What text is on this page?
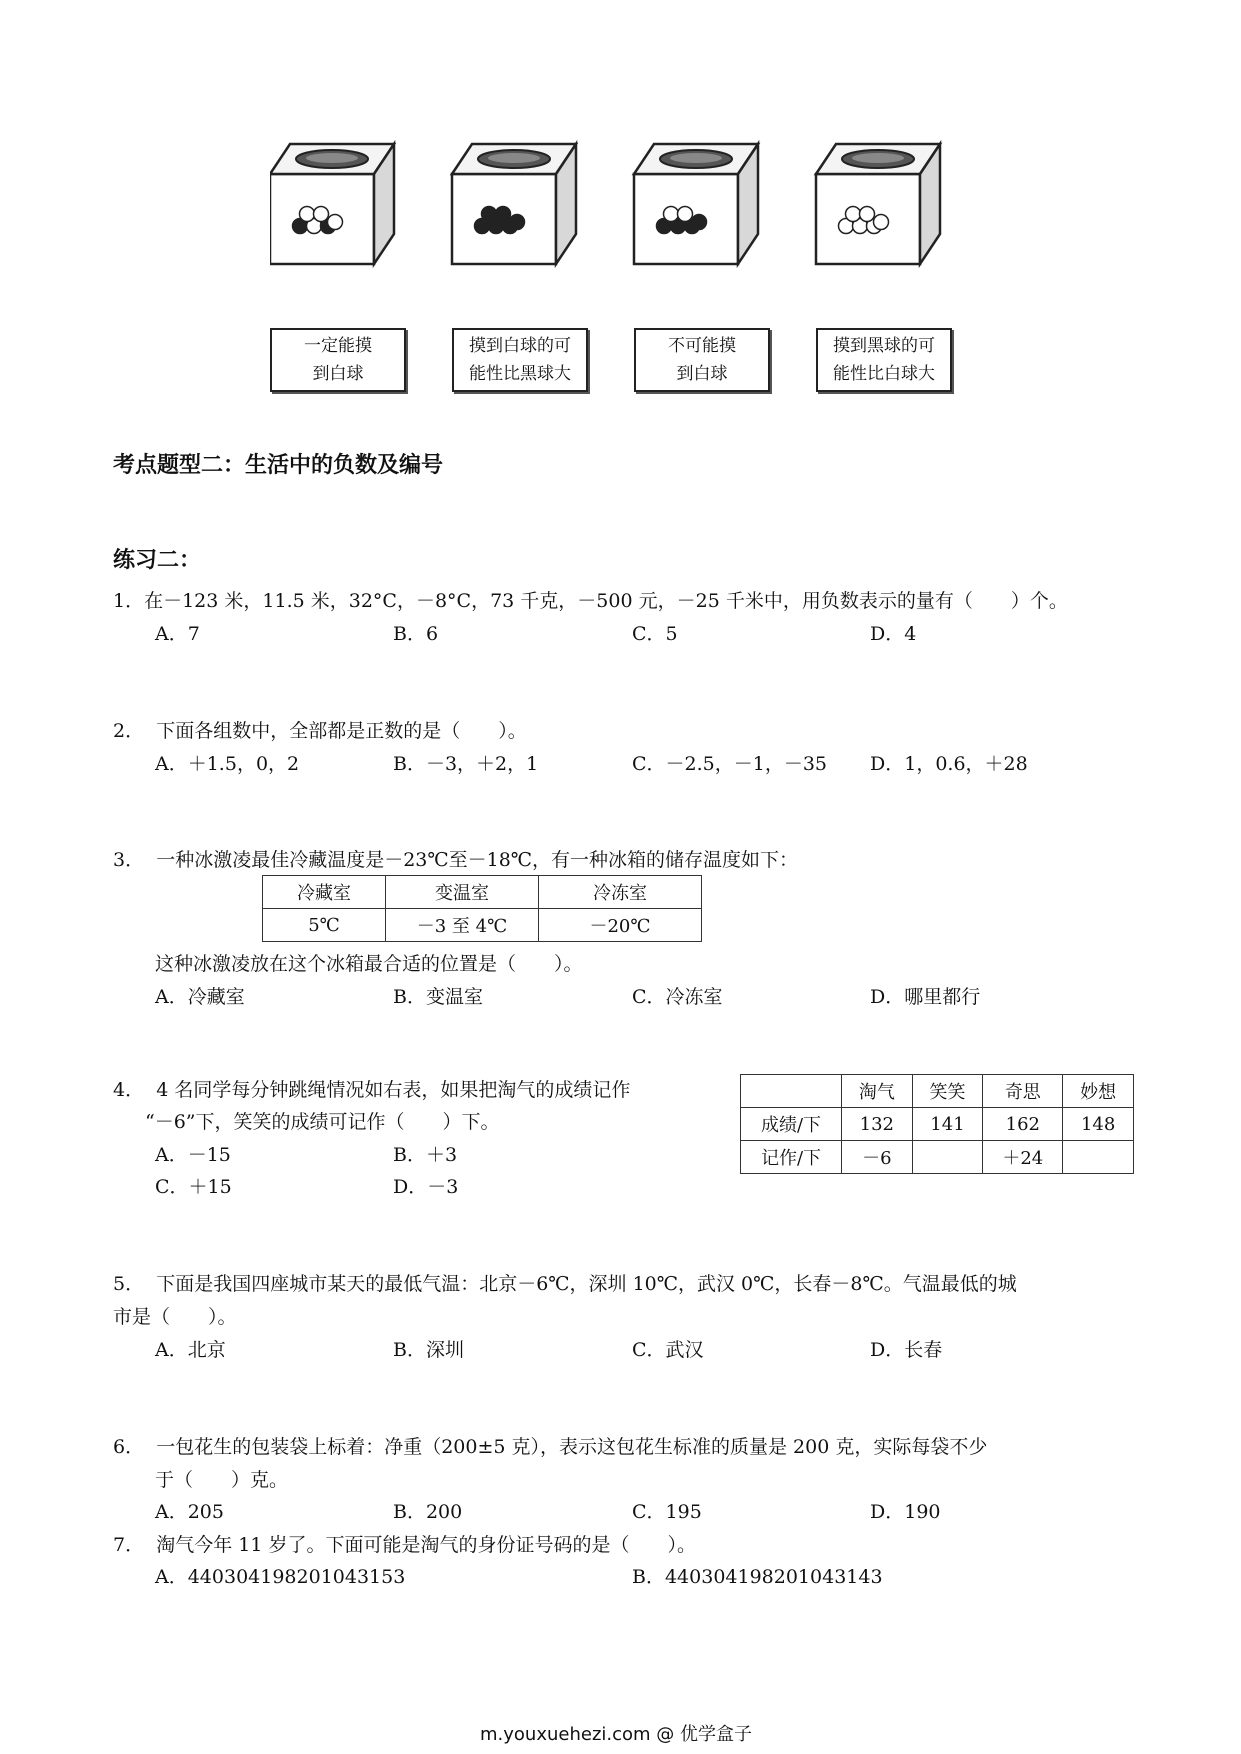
一定能摸
到白球
摸到白球的可
能性比黑球大
不可能摸
到白球
摸到黑球的可
能性比白球大
考点题型二：生活中的负数及编号
练习二：
1．在－123 米，11.5 米，32°C，－8°C，73 千克，－500 元，－25 千米中，用负数表示的量有（　　）个。
A．7	B．6	C．5	D．4
2． 下面各组数中，全部都是正数的是（　　）。
A．＋1.5，0，2	B．－3，＋2，1	C．－2.5，－1，－35 D．1，0.6，＋28
3． 一种冰激凌最佳冷藏温度是－23℃至－18℃，有一种冰箱的储存温度如下：
冷藏室	变温室	冷冻室
5℃	－3 至 4℃	－20℃
这种冰激凌放在这个冰箱最合适的位置是（　　）。
A．冷藏室	B．变温室	C．冷冻室	D．哪里都行
4． 4 名同学每分钟跳绳情况如右表，如果把淘气的成绩记作
“－6”下，笑笑的成绩可记作（　　）下。
A．－15	B．＋3
C．＋15	D．－3
	淘气	笑笑	奇思	妙想
成绩/下	132	141	162	148
记作/下	－6		＋24	
5． 下面是我国四座城市某天的最低气温：北京－6℃，深圳 10℃，武汉 0℃，长春－8℃。气温最低的城
市是（　　）。
A．北京	B．深圳	C．武汉	D．长春
6． 一包花生的包装袋上标着：净重（200±5 克），表示这包花生标准的质量是 200 克，实际每袋不少
于（　　）克。
A．205	B．200	C．195	D．190
7． 淘气今年 11 岁了。下面可能是淘气的身份证号码的是（　　）。
A．440304198201043153	B．440304198201043143
m.youxuehezi.com @ 优学盒子
